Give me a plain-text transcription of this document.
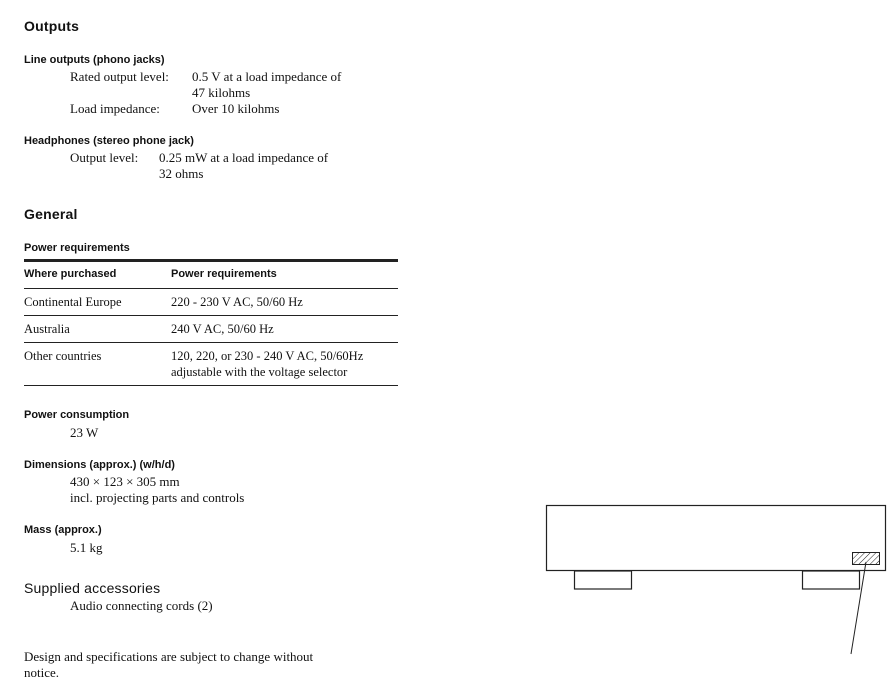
Outputs
Line outputs (phono jacks)
Rated output level: 0.5 V at a load impedance of
47 kilohms
Load impedance: Over 10 kilohms
Headphones (stereo phone jack)
Output level: 0.25 mW at a load impedance of
32 ohms
General
Power requirements
Where purchased	Power requirements
Continental Europe	220 - 230 V AC, 50/60 Hz
Australia	240 V AC, 50/60 Hz
Other countries	120, 220, or 230 - 240 V AC, 50/60Hz
adjustable with the voltage selector
Power consumption
23 W
Dimensions (approx.) (w/h/d)
430 × 123 × 305 mm
incl. projecting parts and controls
Mass (approx.)
5.1 kg
Supplied accessories
Audio connecting cords (2)
Design and specifications are subject to change without
notice.
